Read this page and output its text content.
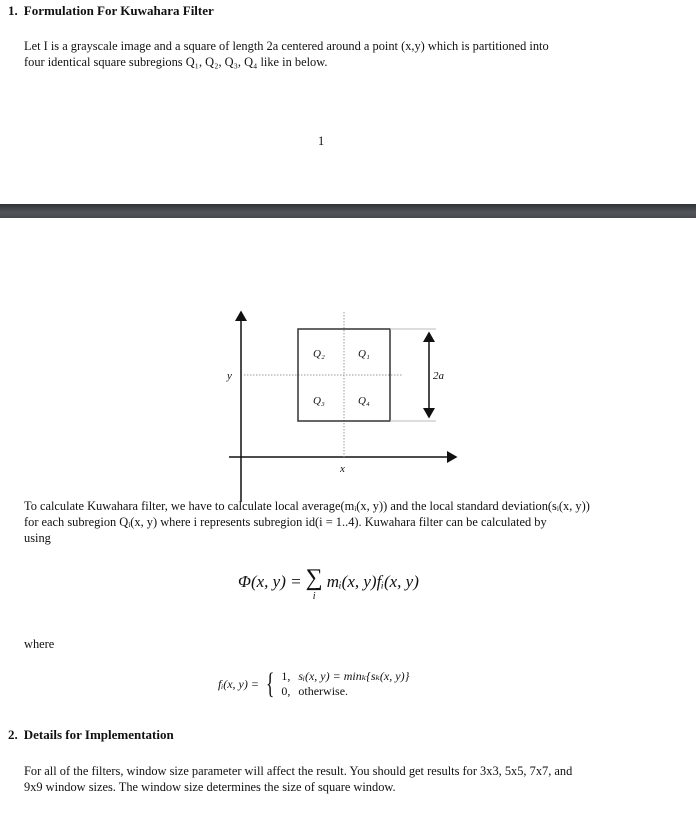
1. Formulation For Kuwahara Filter
Let I is a grayscale image and a square of length 2a centered around a point (x,y) which is partitioned into
four identical square subregions Q₁, Q₂, Q₃, Q₄ like in below.
1
Q₂	Q₁
Q₃	Q₄
y
x
2a
To calculate Kuwahara filter, we have to calculate local average(mᵢ(x, y)) and the local standard deviation(sᵢ(x, y))
for each subregion Qᵢ(x, y) where i represents subregion id(i = 1..4). Kuwahara filter can be calculated by
using
Φ(x, y) = ∑
i
mᵢ(x, y)fᵢ(x, y)
where
fᵢ(x, y) = { 1, sᵢ(x, y) = minₖ{sₖ(x, y)}
0, otherwise.
2. Details for Implementation
For all of the filters, window size parameter will affect the result. You should get results for 3x3, 5x5, 7x7, and
9x9 window sizes. The window size determines the size of square window.
